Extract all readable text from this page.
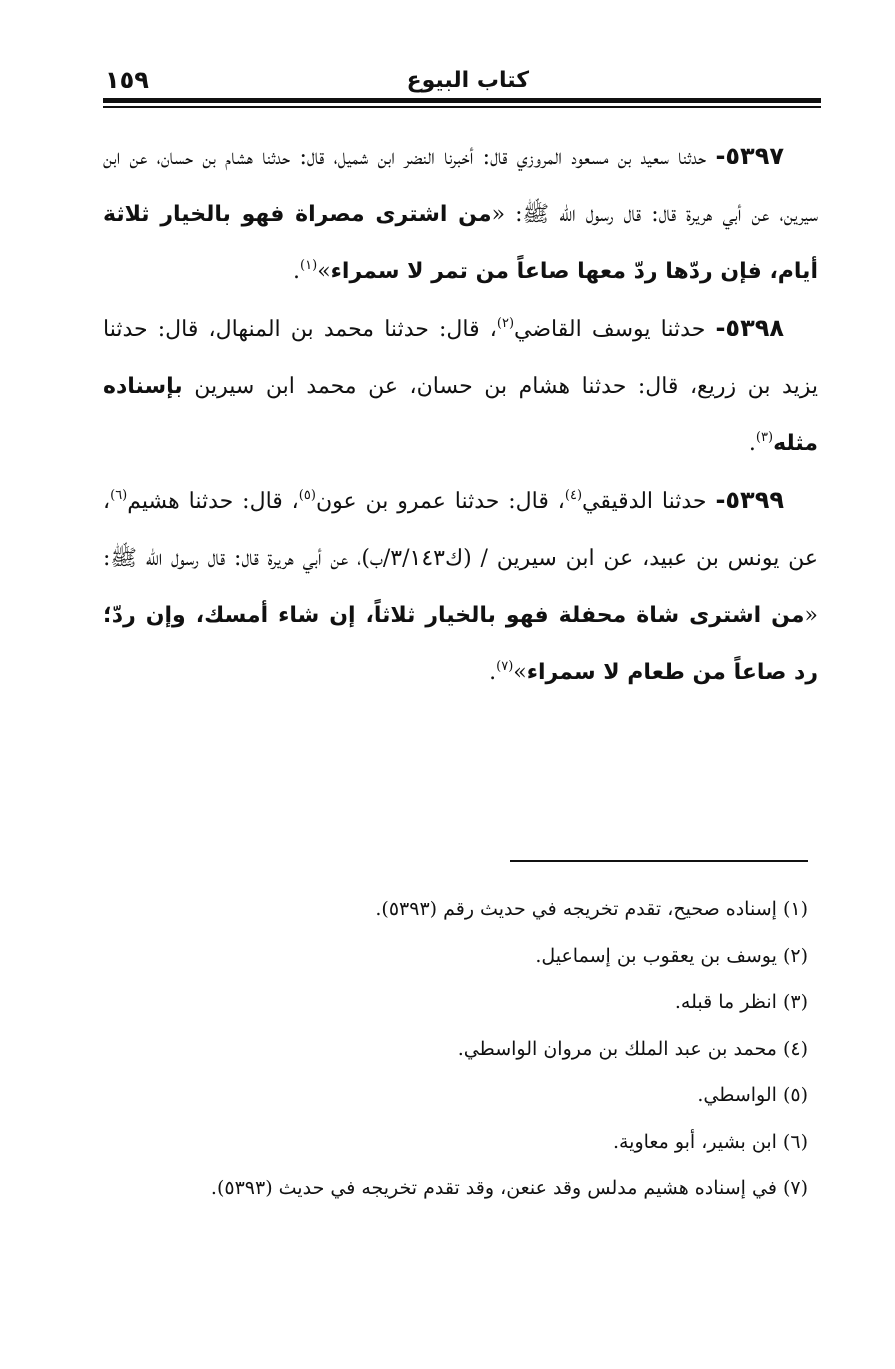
كتاب البيوع
١٥٩

٥٣٩٧- حدثنا سعيد بن مسعود المروزي قال: أخبرنا النضر ابن شميل، قال: حدثنا هشام بن حسان، عن ابن سيرين، عن أبي هريرة قال: قال رسول الله ﷺ: «من اشترى مصراة فهو بالخيار ثلاثة أيام، فإن ردّها ردّ معها صاعاً من تمر لا سمراء»$^{(١)}$.

٥٣٩٨- حدثنا يوسف القاضي$^{(٢)}$، قال: حدثنا محمد بن المنهال، قال: حدثنا يزيد بن زريع، قال: حدثنا هشام بن حسان، عن محمد ابن سيرين بإسناده مثله$^{(٣)}$.

٥٣٩٩- حدثنا الدقيقي$^{(٤)}$، قال: حدثنا عمرو بن عون$^{(٥)}$، قال: حدثنا هشيم$^{(٦)}$، عن يونس بن عبيد، عن ابن سيرين / (ك٣/١٤٣/ب)، عن أبي هريرة قال: قال رسول الله ﷺ: «من اشترى شاة محفلة فهو بالخيار ثلاثاً، إن شاء أمسك، وإن ردّ؛ رد صاعاً من طعام لا سمراء»$^{(٧)}$.

(١) إسناده صحيح، تقدم تخريجه في حديث رقم (٥٣٩٣).
(٢) يوسف بن يعقوب بن إسماعيل.
(٣) انظر ما قبله.
(٤) محمد بن عبد الملك بن مروان الواسطي.
(٥) الواسطي.
(٦) ابن بشير، أبو معاوية.
(٧) في إسناده هشيم مدلس وقد عنعن، وقد تقدم تخريجه في حديث (٥٣٩٣).
